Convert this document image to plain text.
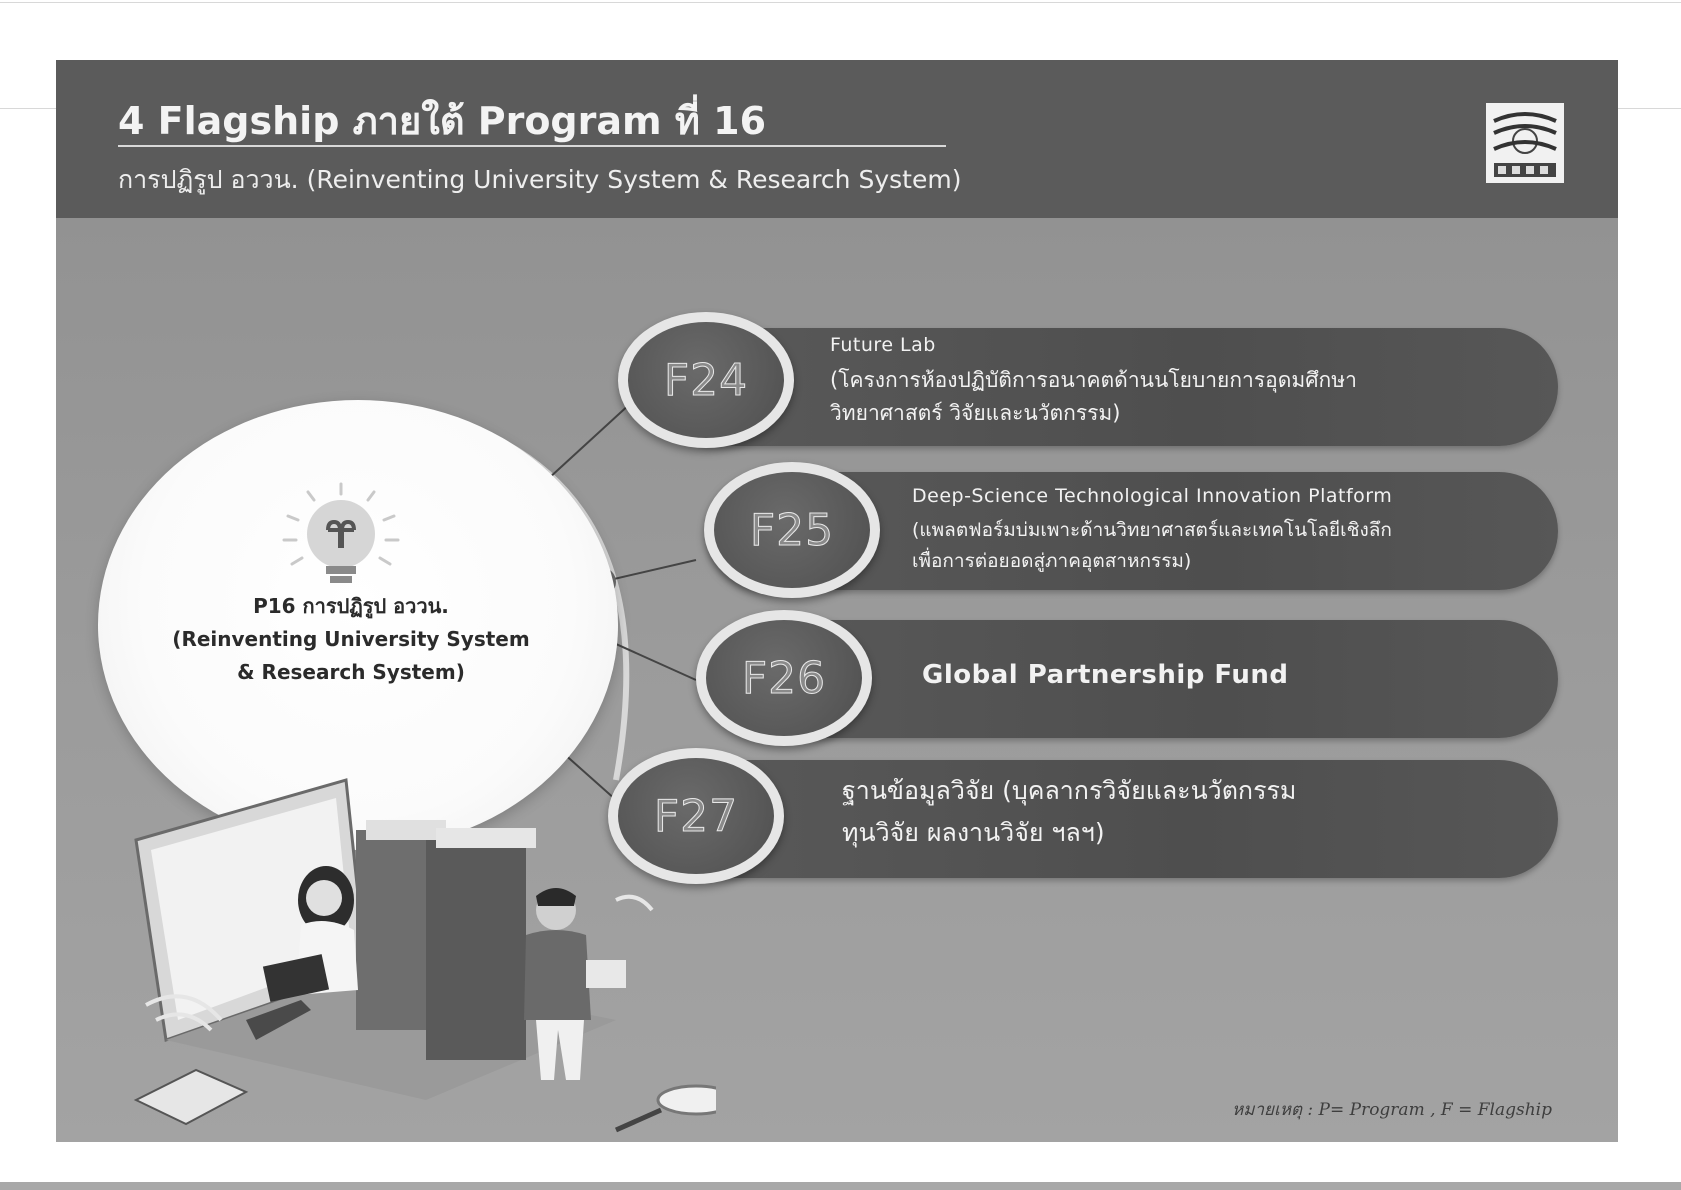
4 Flagship ภายใต้ Program ที่ 16
การปฏิรูป อววน. (Reinventing University System & Research System)
Future Lab
(โครงการห้องปฏิบัติการอนาคตด้านนโยบายการอุดมศึกษา
วิทยาศาสตร์ วิจัยและนวัตกรรม)
F24
Deep-Science Technological Innovation Platform
(แพลตฟอร์มบ่มเพาะด้านวิทยาศาสตร์และเทคโนโลยีเชิงลึก
เพื่อการต่อยอดสู่ภาคอุตสาหกรรม)
F25
Global Partnership Fund
F26
ฐานข้อมูลวิจัย (บุคลากรวิจัยและนวัตกรรม
ทุนวิจัย ผลงานวิจัย ฯลฯ)
F27
P16 การปฏิรูป อววน.
(Reinventing University System
& Research System)
หมายเหตุ : P= Program , F = Flagship
